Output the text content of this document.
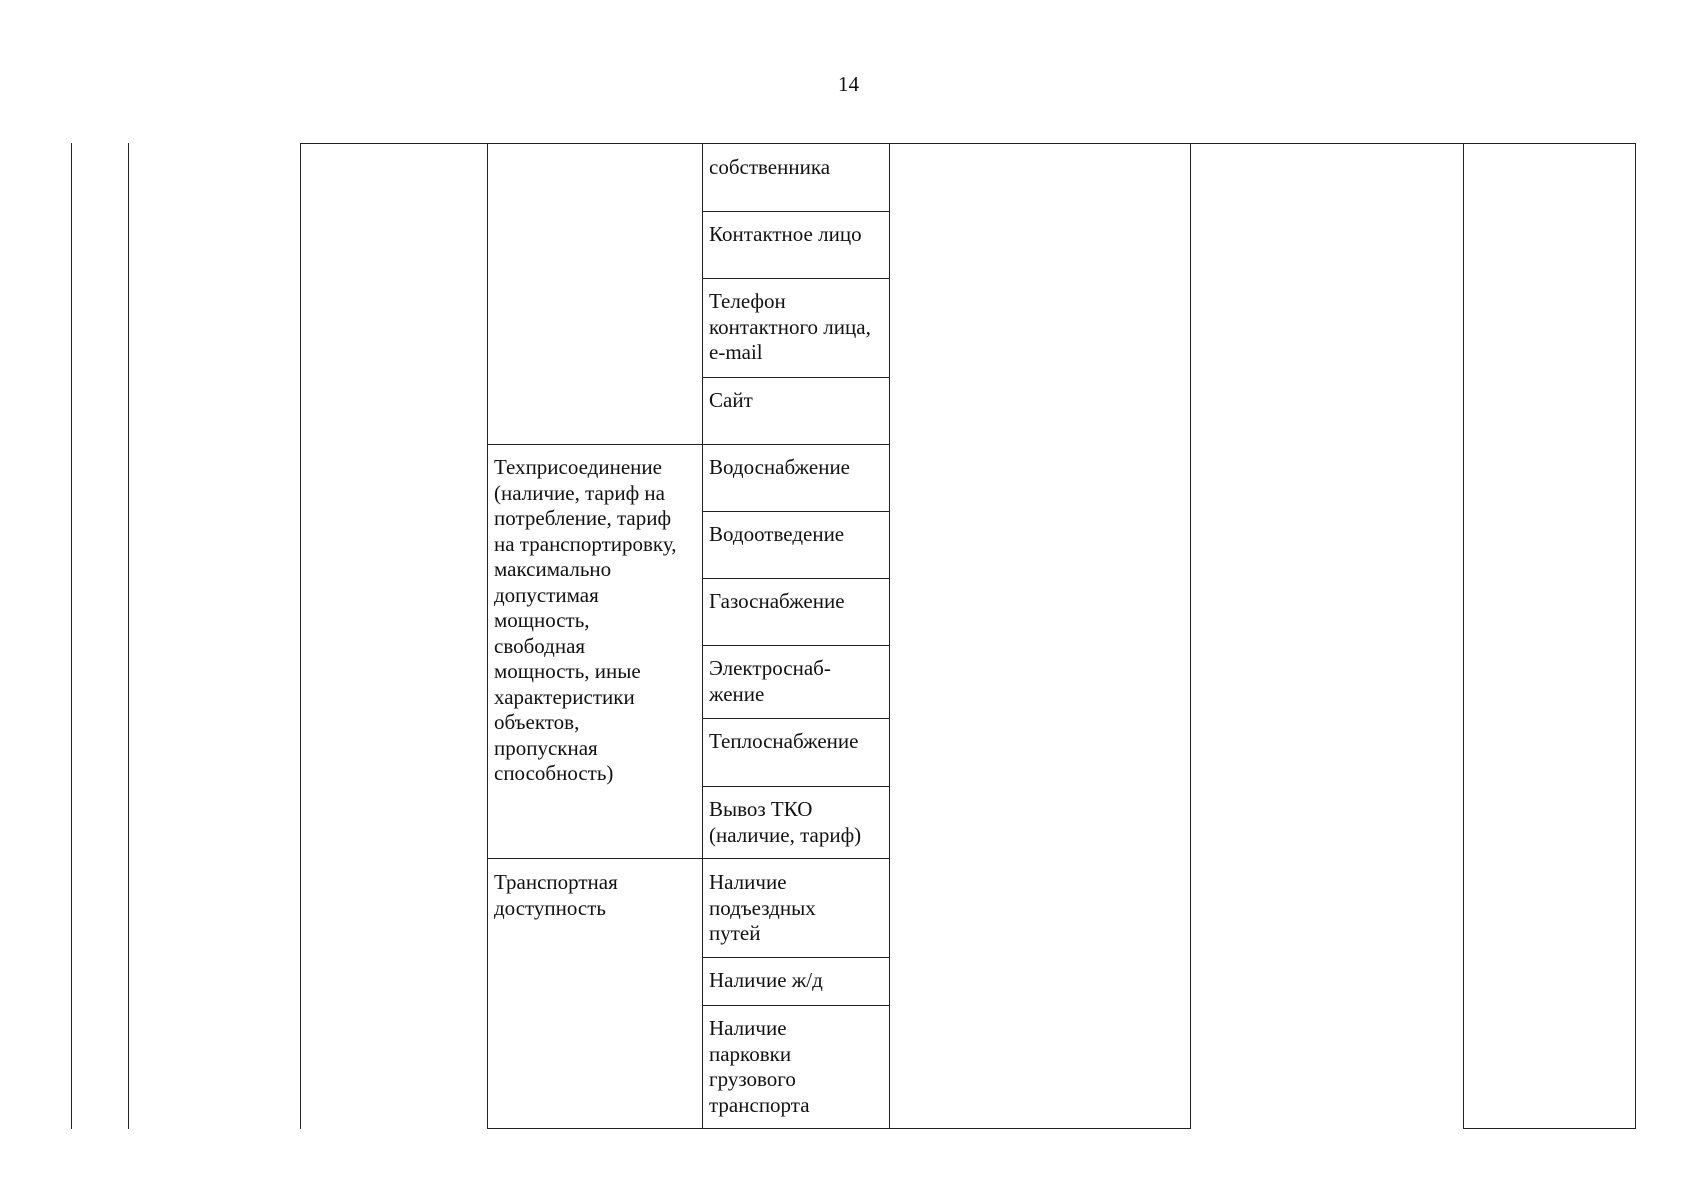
14

Техприсоединение
(наличие, тариф на
потребление, тариф
на транспортировку,
максимально
допустимая
мощность,
свободная
мощность, иные
характеристики
объектов,
пропускная
способность)

Транспортная
доступность

собственника

Контактное лицо

Телефон
контактного лица,
e-mail

Сайт

Водоснабжение

Водоотведение

Газоснабжение

Электроснаб-
жение

Теплоснабжение

Вывоз ТКО
(наличие, тариф)

Наличие
подъездных
путей

Наличие ж/д

Наличие
парковки
грузового
транспорта
